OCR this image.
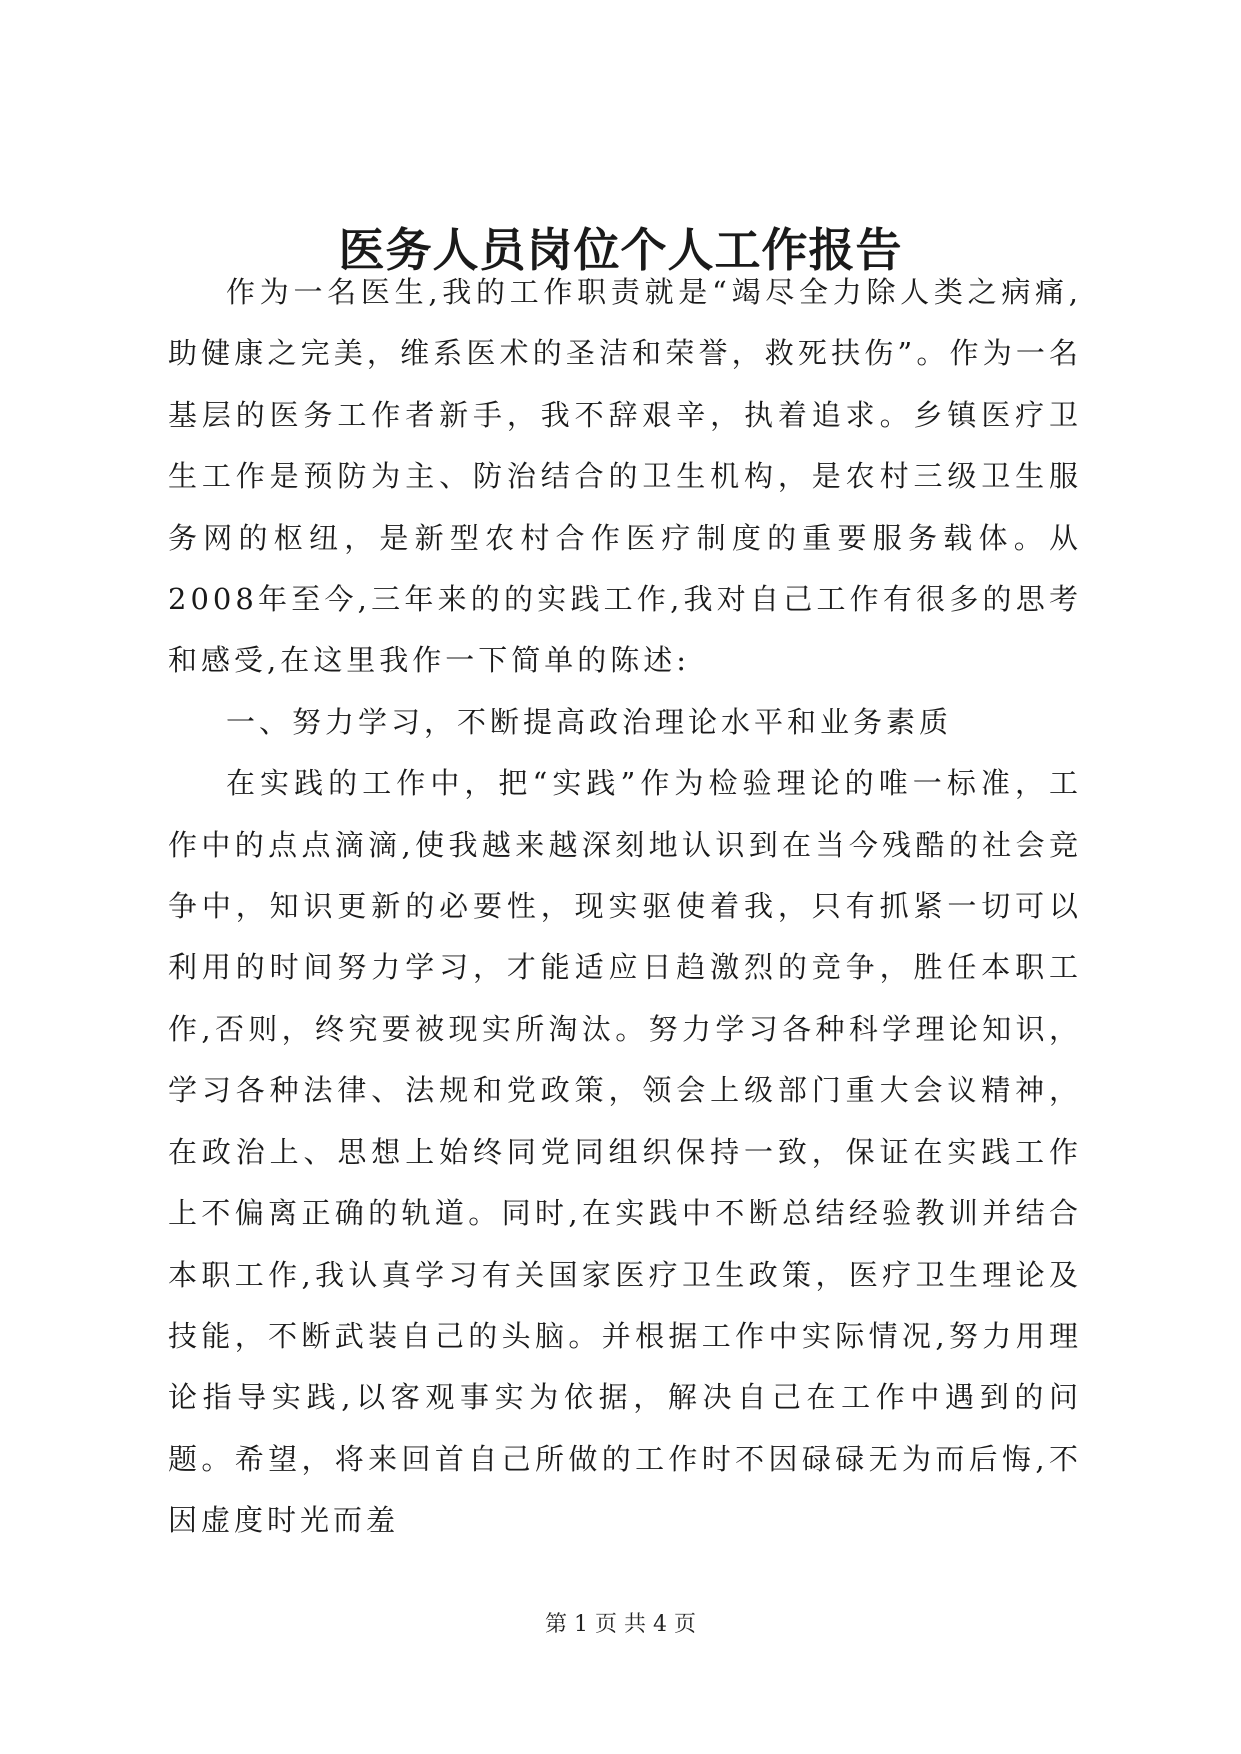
医务人员岗位个人工作报告

作为一名医生,我的工作职责就是“竭尽全力除人类之病痛,助健康之完美，维系医术的圣洁和荣誉，救死扶伤”。作为一名基层的医务工作者新手，我不辞艰辛，执着追求。乡镇医疗卫生工作是预防为主、防治结合的卫生机构，是农村三级卫生服务网的枢纽，是新型农村合作医疗制度的重要服务载体。从2008年至今,三年来的的实践工作,我对自己工作有很多的思考和感受,在这里我作一下简单的陈述:

一、努力学习，不断提高政治理论水平和业务素质

在实践的工作中，把“实践”作为检验理论的唯一标准，工作中的点点滴滴,使我越来越深刻地认识到在当今残酷的社会竞争中，知识更新的必要性，现实驱使着我，只有抓紧一切可以利用的时间努力学习，才能适应日趋激烈的竞争，胜任本职工作,否则，终究要被现实所淘汰。努力学习各种科学理论知识，学习各种法律、法规和党政策，领会上级部门重大会议精神，在政治上、思想上始终同党同组织保持一致，保证在实践工作上不偏离正确的轨道。同时,在实践中不断总结经验教训并结合本职工作,我认真学习有关国家医疗卫生政策，医疗卫生理论及技能，不断武装自己的头脑。并根据工作中实际情况,努力用理论指导实践,以客观事实为依据，解决自己在工作中遇到的问题。希望，将来回首自己所做的工作时不因碌碌无为而后悔,不因虚度时光而羞

第 1 页 共 4 页
